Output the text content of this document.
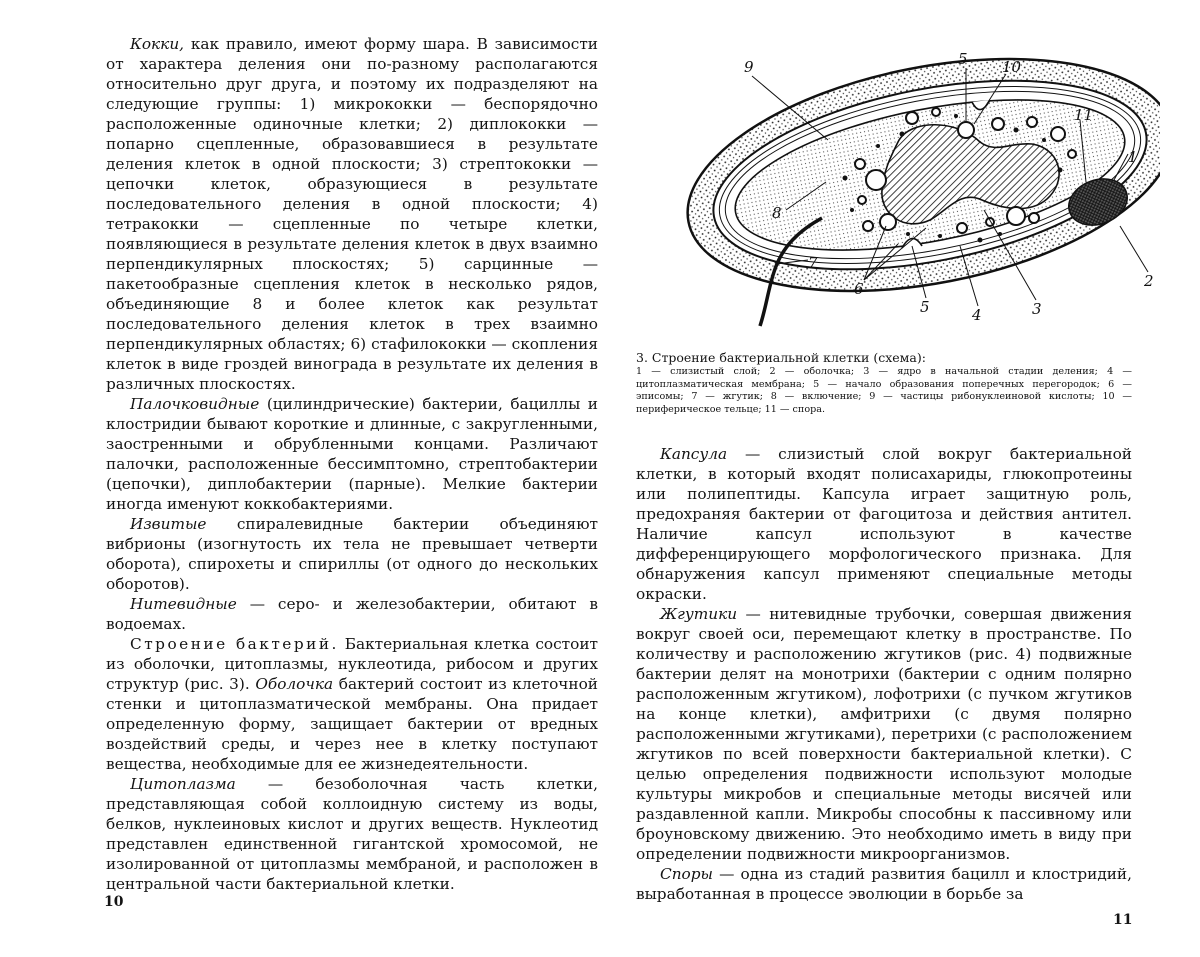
Кокки, как правило, имеют форму шара. В зависимости от характера деления они по-разному располагаются относительно друг друга, и поэтому их подразделяют на следующие группы: 1) микрококки — беспорядочно расположенные одиночные клетки; 2) диплококки — попарно сцепленные, образовавшиеся в результате деления клеток в одной плоскости; 3) стрептококки — цепочки клеток, образующиеся в результате последовательного деления в одной плоскости; 4) тетракокки — сцепленные по четыре клетки, появляющиеся в результате деления клеток в двух взаимно перпендикулярных плоскостях; 5) сарцинные — пакетообразные сцепления клеток в несколько рядов, объединяющие 8 и более клеток как результат последовательного деления клеток в трех взаимно перпендикулярных областях; 6) стафилококки — скопления клеток в виде гроздей винограда в результате их деления в различных плоскостях.

Палочковидные (цилиндрические) бактерии, бациллы и клостридии бывают короткие и длинные, с закругленными, заостренными и обрубленными концами. Различают палочки, расположенные бессимптомно, стрептобактерии (цепочки), диплобактерии (парные). Мелкие бактерии иногда именуют коккобактериями.

Извитые спиралевидные бактерии объединяют вибрионы (изогнутость их тела не превышает четверти оборота), спирохеты и спириллы (от одного до нескольких оборотов).

Нитевидные — серо- и железобактерии, обитают в водоемах.

Строение бактерий. Бактериальная клетка состоит из оболочки, цитоплазмы, нуклеотида, рибосом и других структур (рис. 3). Оболочка бактерий состоит из клеточной стенки и цитоплазматической мембраны. Она придает определенную форму, защищает бактерии от вредных воздействий среды, и через нее в клетку поступают вещества, необходимые для ее жизнедеятельности.

Цитоплазма — безоболочная часть клетки, представляющая собой коллоидную систему из воды, белков, нуклеиновых кислот и других веществ. Нуклеотид представлен единственной гигантской хромосомой, не изолированной от цитоплазмы мембраной, и расположен в центральной части бактериальной клетки.

10
9	5 10
11
1
8
7
6
5	4	3
2

3. Строение бактериальной клетки (схема):

1 — слизистый слой; 2 — оболочка; 3 — ядро в начальной стадии деления; 4 — цитоплазматическая мембрана; 5 — начало образования поперечных перегородок; 6 — эписомы; 7 — жгутик; 8 — включение; 9 — частицы рибонуклеиновой кислоты; 10 — периферическое тельце; 11 — спора.

Капсула — слизистый слой вокруг бактериальной клетки, в который входят полисахариды, глюкопротеины или полипептиды. Капсула играет защитную роль, предохраняя бактерии от фагоцитоза и действия антител. Наличие капсул используют в качестве дифференцирующего морфологического признака. Для обнаружения капсул применяют специальные методы окраски.

Жгутики — нитевидные трубочки, совершая движения вокруг своей оси, перемещают клетку в пространстве. По количеству и расположению жгутиков (рис. 4) подвижные бактерии делят на монотрихи (бактерии с одним полярно расположенным жгутиком), лофотрихи (с пучком жгутиков на конце клетки), амфитрихи (с двумя полярно расположенными жгутиками), перетрихи (с расположением жгутиков по всей поверхности бактериальной клетки). С целью определения подвижности используют молодые культуры микробов и специальные методы висячей или раздавленной капли. Микробы способны к пассивному или броуновскому движению. Это необходимо иметь в виду при определении подвижности микроорганизмов.

Споры — одна из стадий развития бацилл и клостридий, выработанная в процессе эволюции в борьбе за

11
